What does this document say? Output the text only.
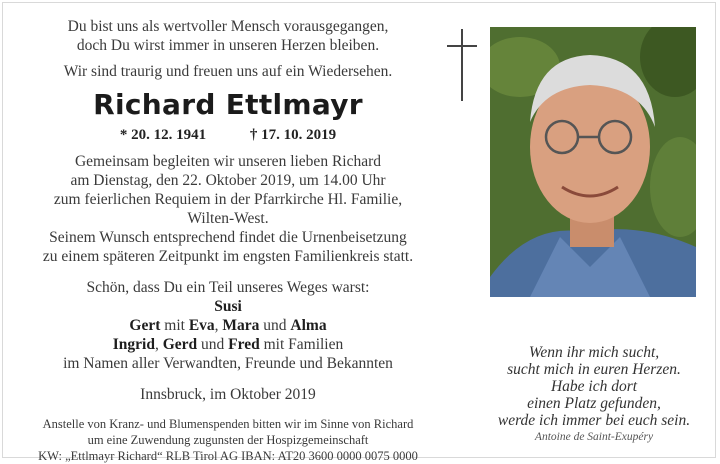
Du bist uns als wertvoller Mensch vorausgegangen,

doch Du wirst immer in unseren Herzen bleiben.

Wir sind traurig und freuen uns auf ein Wiedersehen.

Richard Ettlmayr

* 20. 12. 1941	† 17. 10. 2019

Gemeinsam begleiten wir unseren lieben Richard

am Dienstag, den 22. Oktober 2019, um 14.00 Uhr

zum feierlichen Requiem in der Pfarrkirche Hl. Familie,

Wilten-West.

Seinem Wunsch entsprechend findet die Urnenbeisetzung

zu einem späteren Zeitpunkt im engsten Familienkreis statt.

Schön, dass Du ein Teil unseres Weges warst:

Susi

Gert mit Eva, Mara und Alma

Ingrid, Gerd und Fred mit Familien

im Namen aller Verwandten, Freunde und Bekannten

Innsbruck, im Oktober 2019

Anstelle von Kranz- und Blumenspenden bitten wir im Sinne von Richard

um eine Zuwendung zugunsten der Hospizgemeinschaft

KW: „Ettlmayr Richard“ RLB Tirol AG IBAN: AT20 3600 0000 0075 0000

Wenn ihr mich sucht,

sucht mich in euren Herzen.

Habe ich dort

einen Platz gefunden,

werde ich immer bei euch sein.

Antoine de Saint-Exupéry
